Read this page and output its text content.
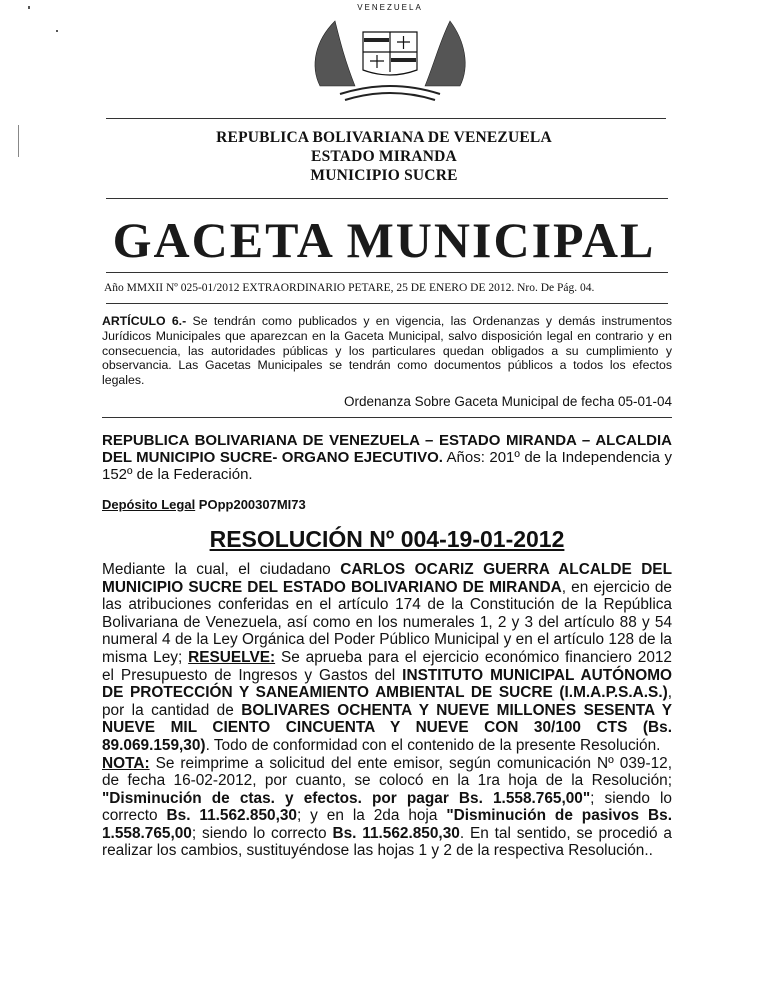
VENEZUELA
REPUBLICA BOLIVARIANA DE VENEZUELA
ESTADO MIRANDA
MUNICIPIO SUCRE
GACETA MUNICIPAL
Año MMXII Nº 025-01/2012 EXTRAORDINARIO PETARE, 25 DE ENERO DE 2012. Nro. De Pág. 04.
ARTÍCULO 6.- Se tendrán como publicados y en vigencia, las Ordenanzas y demás instrumentos Jurídicos Municipales que aparezcan en la Gaceta Municipal, salvo disposición legal en contrario y en consecuencia, las autoridades públicas y los particulares quedan obligados a su cumplimiento y observancia. Las Gacetas Municipales se tendrán como documentos públicos a todos los efectos legales.
Ordenanza Sobre Gaceta Municipal de fecha 05-01-04
REPUBLICA BOLIVARIANA DE VENEZUELA – ESTADO MIRANDA – ALCALDIA DEL MUNICIPIO SUCRE- ORGANO EJECUTIVO. Años: 201º de la Independencia y 152º de la Federación.
Depósito Legal POpp200307MI73
RESOLUCIÓN Nº 004-19-01-2012
Mediante la cual, el ciudadano CARLOS OCARIZ GUERRA ALCALDE DEL MUNICIPIO SUCRE DEL ESTADO BOLIVARIANO DE MIRANDA, en ejercicio de las atribuciones conferidas en el artículo 174 de la Constitución de la República Bolivariana de Venezuela, así como en los numerales 1, 2 y 3 del artículo 88 y 54 numeral 4 de la Ley Orgánica del Poder Público Municipal y en el artículo 128 de la misma Ley; RESUELVE: Se aprueba para el ejercicio económico financiero 2012 el Presupuesto de Ingresos y Gastos del INSTITUTO MUNICIPAL AUTÓNOMO DE PROTECCIÓN Y SANEAMIENTO AMBIENTAL DE SUCRE (I.M.A.P.S.A.S.), por la cantidad de BOLIVARES OCHENTA Y NUEVE MILLONES SESENTA Y NUEVE MIL CIENTO CINCUENTA Y NUEVE CON 30/100 CTS (Bs. 89.069.159,30). Todo de conformidad con el contenido de la presente Resolución.
NOTA: Se reimprime a solicitud del ente emisor, según comunicación Nº 039-12, de fecha 16-02-2012, por cuanto, se colocó en la 1ra hoja de la Resolución; "Disminución de ctas. y efectos. por pagar Bs. 1.558.765,00"; siendo lo correcto Bs. 11.562.850,30; y en la 2da hoja "Disminución de pasivos Bs. 1.558.765,00; siendo lo correcto Bs. 11.562.850,30. En tal sentido, se procedió a realizar los cambios, sustituyéndose las hojas 1 y 2 de la respectiva Resolución..
